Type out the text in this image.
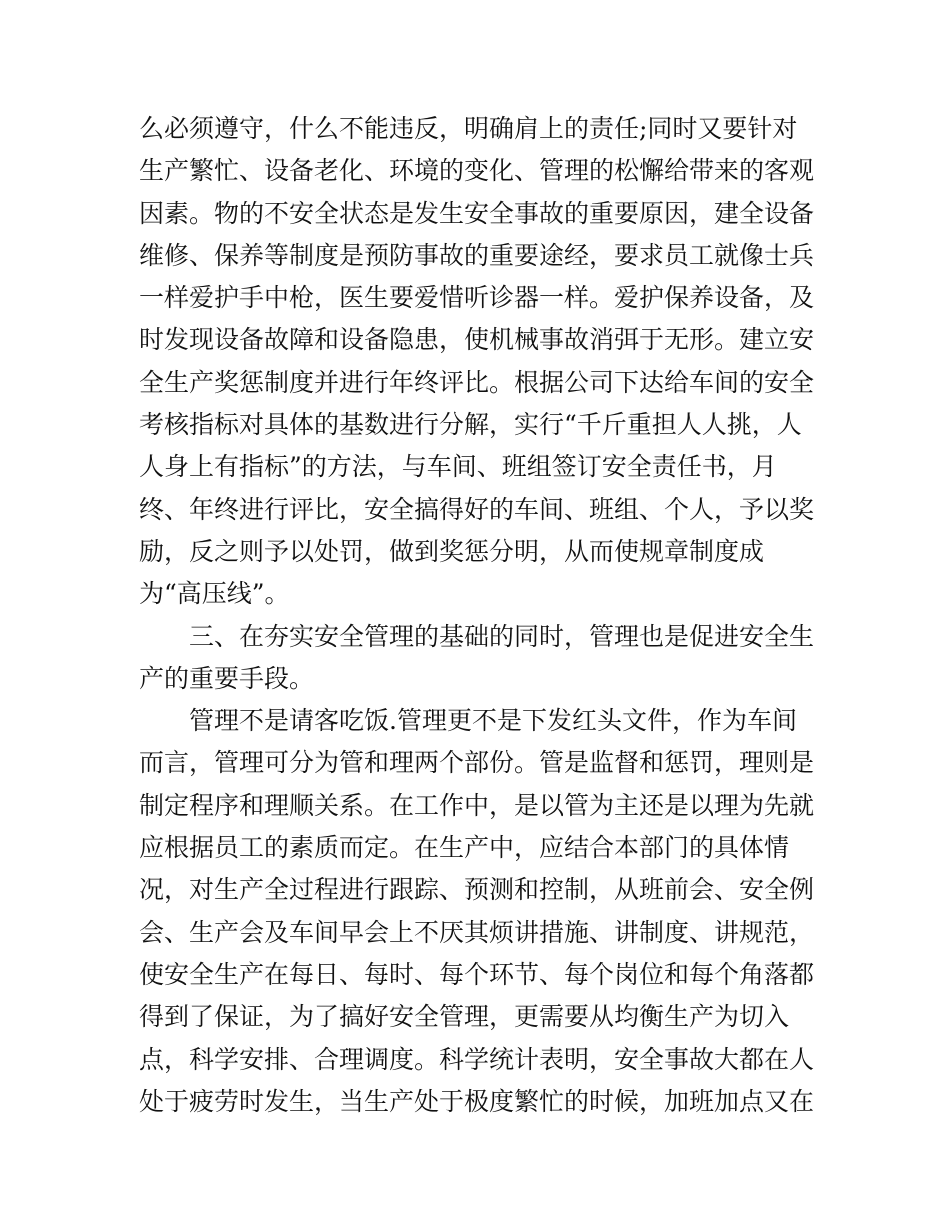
么必须遵守，什么不能违反，明确肩上的责任;同时又要针对
生产繁忙、设备老化、环境的变化、管理的松懈给带来的客观
因素。物的不安全状态是发生安全事故的重要原因，建全设备
维修、保养等制度是预防事故的重要途经，要求员工就像士兵
一样爱护手中枪，医生要爱惜听诊器一样。爱护保养设备，及
时发现设备故障和设备隐患，使机械事故消弭于无形。建立安
全生产奖惩制度并进行年终评比。根据公司下达给车间的安全
考核指标对具体的基数进行分解，实行“千斤重担人人挑，人
人身上有指标”的方法，与车间、班组签订安全责任书，月
终、年终进行评比，安全搞得好的车间、班组、个人，予以奖
励，反之则予以处罚，做到奖惩分明，从而使规章制度成
为“高压线”。
三、在夯实安全管理的基础的同时，管理也是促进安全生
产的重要手段。
管理不是请客吃饭.管理更不是下发红头文件，作为车间
而言，管理可分为管和理两个部份。管是监督和惩罚，理则是
制定程序和理顺关系。在工作中，是以管为主还是以理为先就
应根据员工的素质而定。在生产中，应结合本部门的具体情
况，对生产全过程进行跟踪、预测和控制，从班前会、安全例
会、生产会及车间早会上不厌其烦讲措施、讲制度、讲规范，
使安全生产在每日、每时、每个环节、每个岗位和每个角落都
得到了保证，为了搞好安全管理，更需要从均衡生产为切入
点，科学安排、合理调度。科学统计表明，安全事故大都在人
处于疲劳时发生，当生产处于极度繁忙的时候，加班加点又在
